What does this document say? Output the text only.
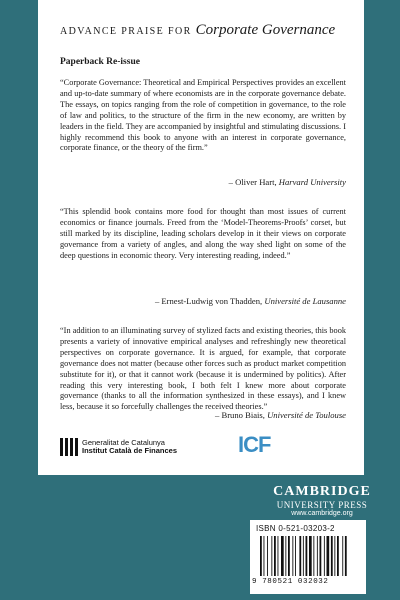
ADVANCE PRAISE FOR Corporate Governance
Paperback Re-issue
“Corporate Governance: Theoretical and Empirical Perspectives provides an excellent and up-to-date summary of where economists are in the corporate governance debate. The essays, on topics ranging from the role of competition in governance, to the role of law and politics, to the structure of the firm in the new economy, are written by leaders in the field. They are accompanied by insightful and stimulating discussions. I highly recommend this book to anyone with an interest in corporate governance, corporate finance, or the theory of the firm.”
– Oliver Hart, Harvard University
“This splendid book contains more food for thought than most issues of current economics or finance journals. Freed from the ‘Model-Theorems-Proofs’ corset, but still marked by its discipline, leading scholars develop in it their views on corporate governance from a variety of angles, and along the way shed light on some of the deep questions in economic theory. Very interesting reading, indeed.”
– Ernest-Ludwig von Thadden, Université de Lausanne
“In addition to an illuminating survey of stylized facts and existing theories, this book presents a variety of innovative empirical analyses and refreshingly new theoretical perspectives on corporate governance. It is argued, for example, that corporate governance does not matter (because other forces such as product market competition substitute for it), or that it cannot work (because it is undermined by politics). After reading this very interesting book, I both felt I knew more about corporate governance (thanks to all the information synthesized in these essays), and I knew less, because it so forcefully challenges the received theories.”
– Bruno Biais, Université de Toulouse
Generalitat de Catalunya
Institut Català de Finances	ICF
CAMBRIDGE
UNIVERSITY PRESS
www.cambridge.org
ISBN 0-521-03203-2
9 780521 032032
